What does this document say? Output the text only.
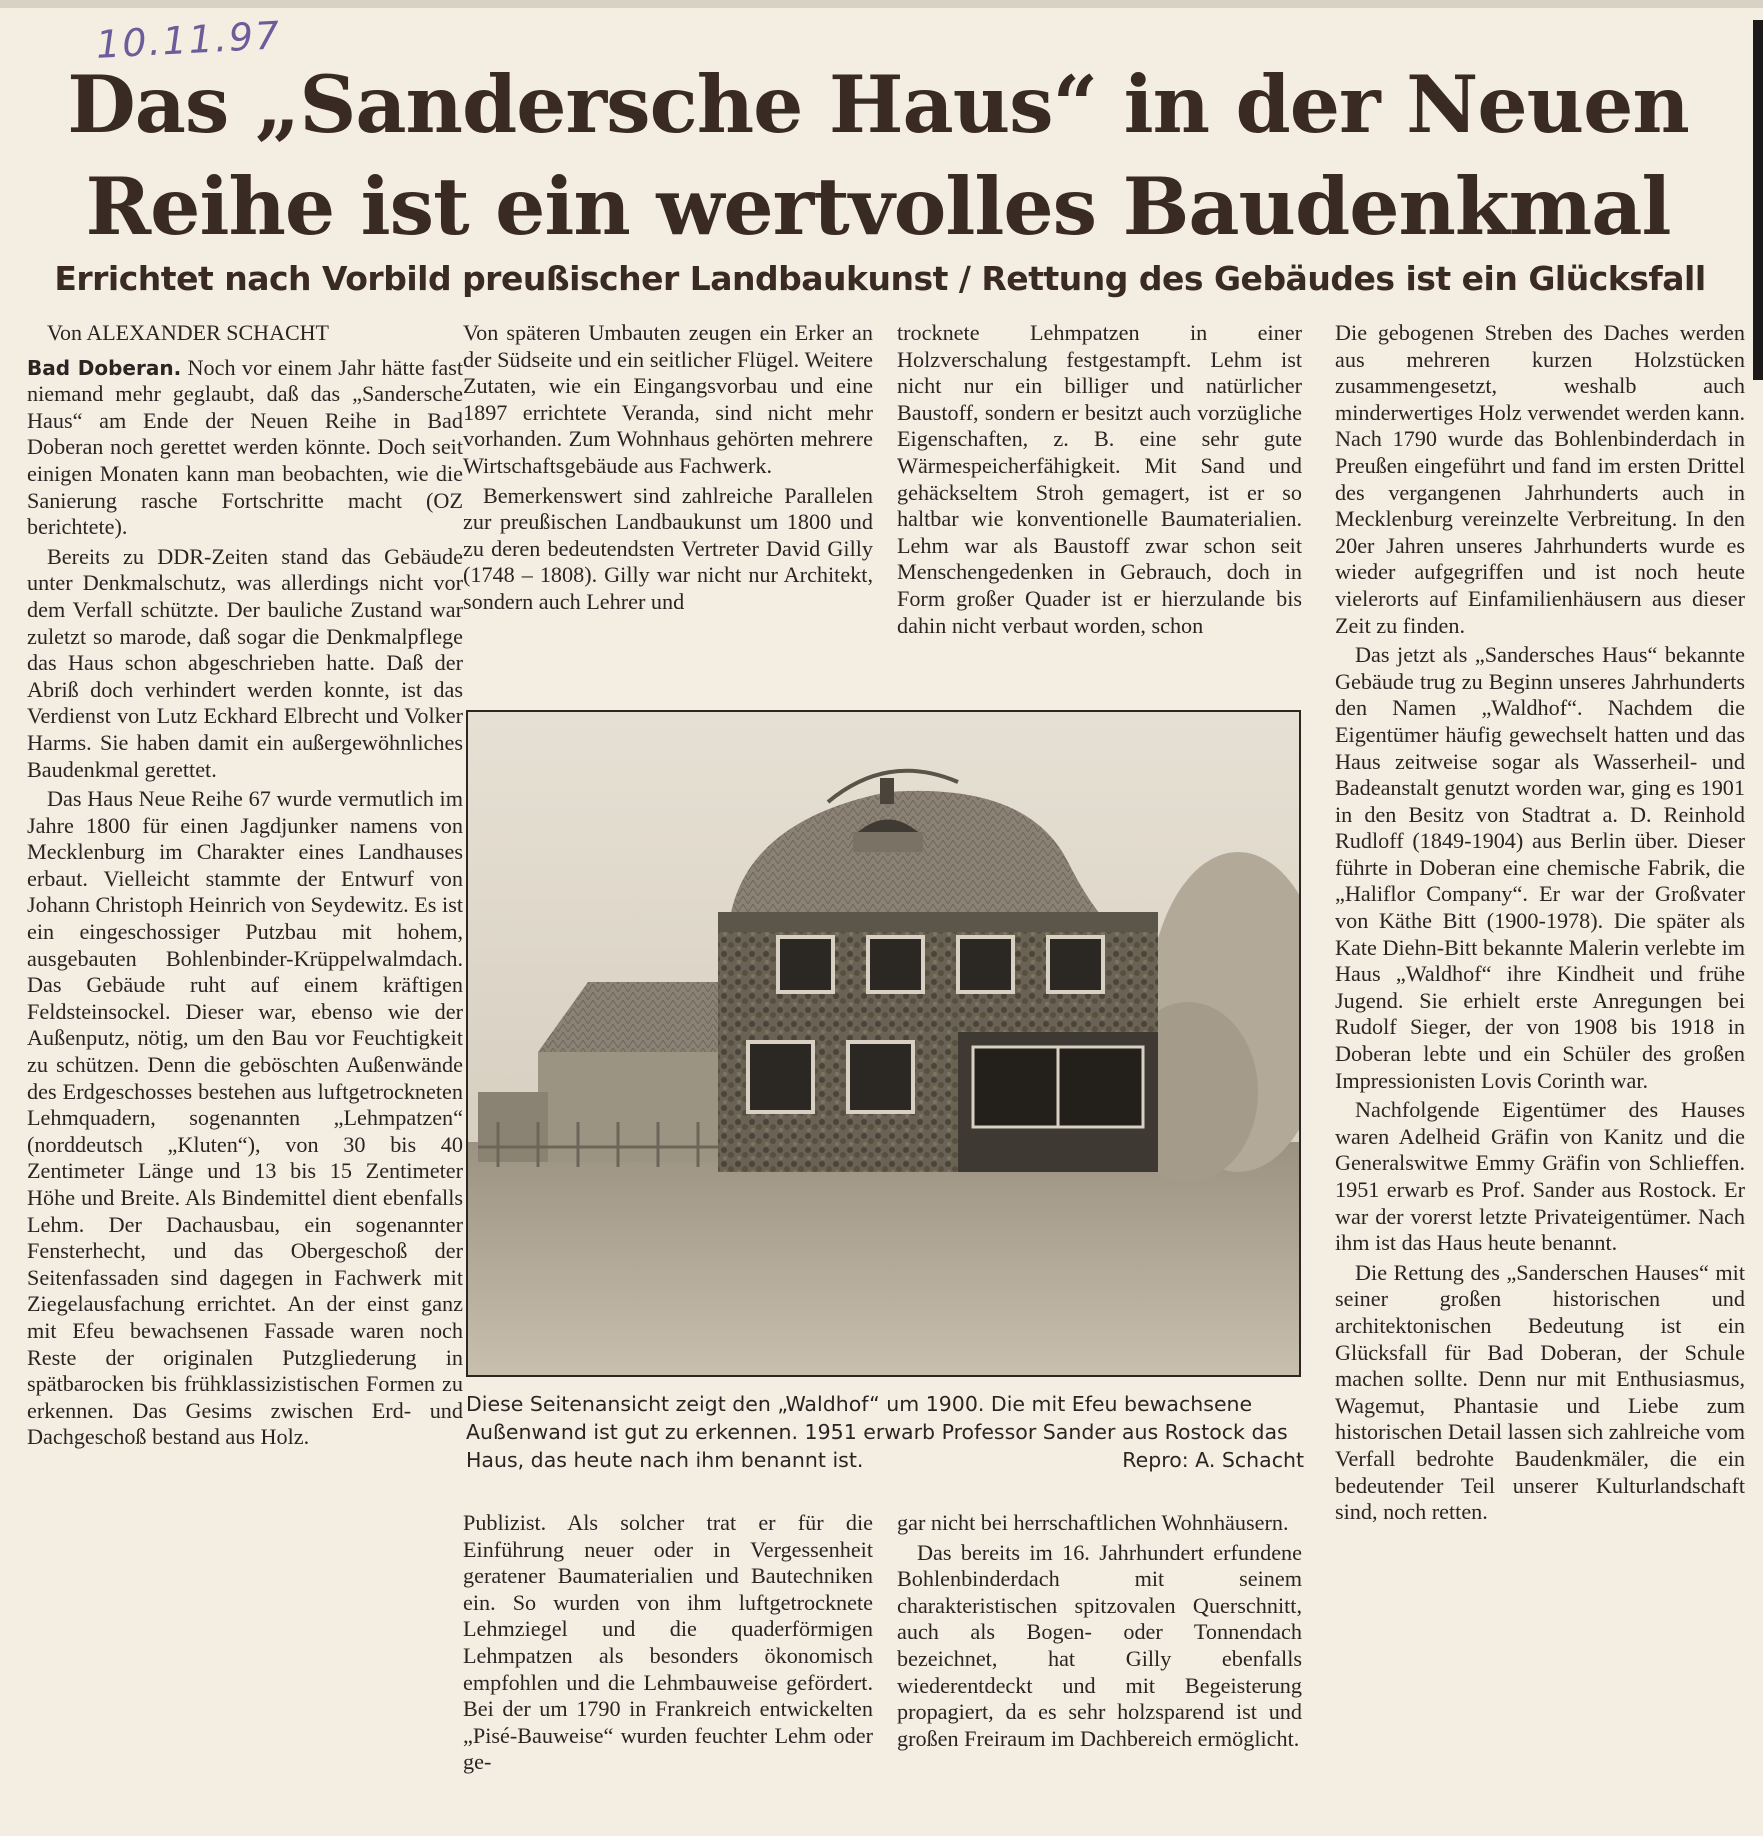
10.11.97
Das „Sandersche Haus“ in der Neuen Reihe ist ein wertvolles Baudenkmal
Errichtet nach Vorbild preußischer Landbaukunst / Rettung des Gebäudes ist ein Glücksfall
Von ALEXANDER SCHACHT

Bad Doberan. Noch vor einem Jahr hätte fast niemand mehr geglaubt, daß das „Sandersche Haus“ am Ende der Neuen Reihe in Bad Doberan noch gerettet werden könnte. Doch seit einigen Monaten kann man beobachten, wie die Sanierung rasche Fortschritte macht (OZ berichtete).

Bereits zu DDR-Zeiten stand das Gebäude unter Denkmalschutz, was allerdings nicht vor dem Verfall schützte. Der bauliche Zustand war zuletzt so marode, daß sogar die Denkmalpflege das Haus schon abgeschrieben hatte. Daß der Abriß doch verhindert werden konnte, ist das Verdienst von Lutz Eckhard Elbrecht und Volker Harms. Sie haben damit ein außergewöhnliches Baudenkmal gerettet.

Das Haus Neue Reihe 67 wurde vermutlich im Jahre 1800 für einen Jagdjunker namens von Mecklenburg im Charakter eines Landhauses erbaut. Vielleicht stammte der Entwurf von Johann Christoph Heinrich von Seydewitz. Es ist ein eingeschossiger Putzbau mit hohem, ausgebauten Bohlenbinder-Krüppelwalmdach. Das Gebäude ruht auf einem kräftigen Feldsteinsockel. Dieser war, ebenso wie der Außenputz, nötig, um den Bau vor Feuchtigkeit zu schützen. Denn die geböschten Außenwände des Erdgeschosses bestehen aus luftgetrockneten Lehmquadern, sogenannten „Lehmpatzen“ (norddeutsch „Kluten“), von 30 bis 40 Zentimeter Länge und 13 bis 15 Zentimeter Höhe und Breite. Als Bindemittel dient ebenfalls Lehm. Der Dachausbau, ein sogenannter Fensterhecht, und das Obergeschoß der Seitenfassaden sind dagegen in Fachwerk mit Ziegelausfachung errichtet. An der einst ganz mit Efeu bewachsenen Fassade waren noch Reste der originalen Putzgliederung in spätbarocken bis frühklassizistischen Formen zu erkennen. Das Gesims zwischen Erd- und Dachgeschoß bestand aus Holz.

Von späteren Umbauten zeugen ein Erker an der Südseite und ein seitlicher Flügel. Weitere Zutaten, wie ein Eingangsvorbau und eine 1897 errichtete Veranda, sind nicht mehr vorhanden. Zum Wohnhaus gehörten mehrere Wirtschaftsgebäude aus Fachwerk.

Bemerkenswert sind zahlreiche Parallelen zur preußischen Landbaukunst um 1800 und zu deren bedeutendsten Vertreter David Gilly (1748 – 1808). Gilly war nicht nur Architekt, sondern auch Lehrer und

trocknete Lehmpatzen in einer Holzverschalung festgestampft. Lehm ist nicht nur ein billiger und natürlicher Baustoff, sondern er besitzt auch vorzügliche Eigenschaften, z. B. eine sehr gute Wärmespeicherfähigkeit. Mit Sand und gehäckseltem Stroh gemagert, ist er so haltbar wie konventionelle Baumaterialien. Lehm war als Baustoff zwar schon seit Menschengedenken in Gebrauch, doch in Form großer Quader ist er hierzulande bis dahin nicht verbaut worden, schon

Diese Seitenansicht zeigt den „Waldhof“ um 1900. Die mit Efeu bewachsene Außenwand ist gut zu erkennen. 1951 erwarb Professor Sander aus Rostock das Haus, das heute nach ihm benannt ist.	Repro: A. Schacht

Publizist. Als solcher trat er für die Einführung neuer oder in Vergessenheit geratener Baumaterialien und Bautechniken ein. So wurden von ihm luftgetrocknete Lehmziegel und die quaderförmigen Lehmpatzen als besonders ökonomisch empfohlen und die Lehmbauweise gefördert. Bei der um 1790 in Frankreich entwickelten „Pisé-Bauweise“ wurden feuchter Lehm oder ge-

gar nicht bei herrschaftlichen Wohnhäusern.

Das bereits im 16. Jahrhundert erfundene Bohlenbinderdach mit seinem charakteristischen spitzovalen Querschnitt, auch als Bogen- oder Tonnendach bezeichnet, hat Gilly ebenfalls wiederentdeckt und mit Begeisterung propagiert, da es sehr holzsparend ist und großen Freiraum im Dachbereich ermöglicht.

Die gebogenen Streben des Daches werden aus mehreren kurzen Holzstücken zusammengesetzt, weshalb auch minderwertiges Holz verwendet werden kann. Nach 1790 wurde das Bohlenbinderdach in Preußen eingeführt und fand im ersten Drittel des vergangenen Jahrhunderts auch in Mecklenburg vereinzelte Verbreitung. In den 20er Jahren unseres Jahrhunderts wurde es wieder aufgegriffen und ist noch heute vielerorts auf Einfamilienhäusern aus dieser Zeit zu finden.

Das jetzt als „Sandersches Haus“ bekannte Gebäude trug zu Beginn unseres Jahrhunderts den Namen „Waldhof“. Nachdem die Eigentümer häufig gewechselt hatten und das Haus zeitweise sogar als Wasserheil- und Badeanstalt genutzt worden war, ging es 1901 in den Besitz von Stadtrat a. D. Reinhold Rudloff (1849-1904) aus Berlin über. Dieser führte in Doberan eine chemische Fabrik, die „Haliflor Company“. Er war der Großvater von Käthe Bitt (1900-1978). Die später als Kate Diehn-Bitt bekannte Malerin verlebte im Haus „Waldhof“ ihre Kindheit und frühe Jugend. Sie erhielt erste Anregungen bei Rudolf Sieger, der von 1908 bis 1918 in Doberan lebte und ein Schüler des großen Impressionisten Lovis Corinth war.

Nachfolgende Eigentümer des Hauses waren Adelheid Gräfin von Kanitz und die Generalswitwe Emmy Gräfin von Schlieffen. 1951 erwarb es Prof. Sander aus Rostock. Er war der vorerst letzte Privateigentümer. Nach ihm ist das Haus heute benannt.

Die Rettung des „Sanderschen Hauses“ mit seiner großen historischen und architektonischen Bedeutung ist ein Glücksfall für Bad Doberan, der Schule machen sollte. Denn nur mit Enthusiasmus, Wagemut, Phantasie und Liebe zum historischen Detail lassen sich zahlreiche vom Verfall bedrohte Baudenkmäler, die ein bedeutender Teil unserer Kulturlandschaft sind, noch retten.
